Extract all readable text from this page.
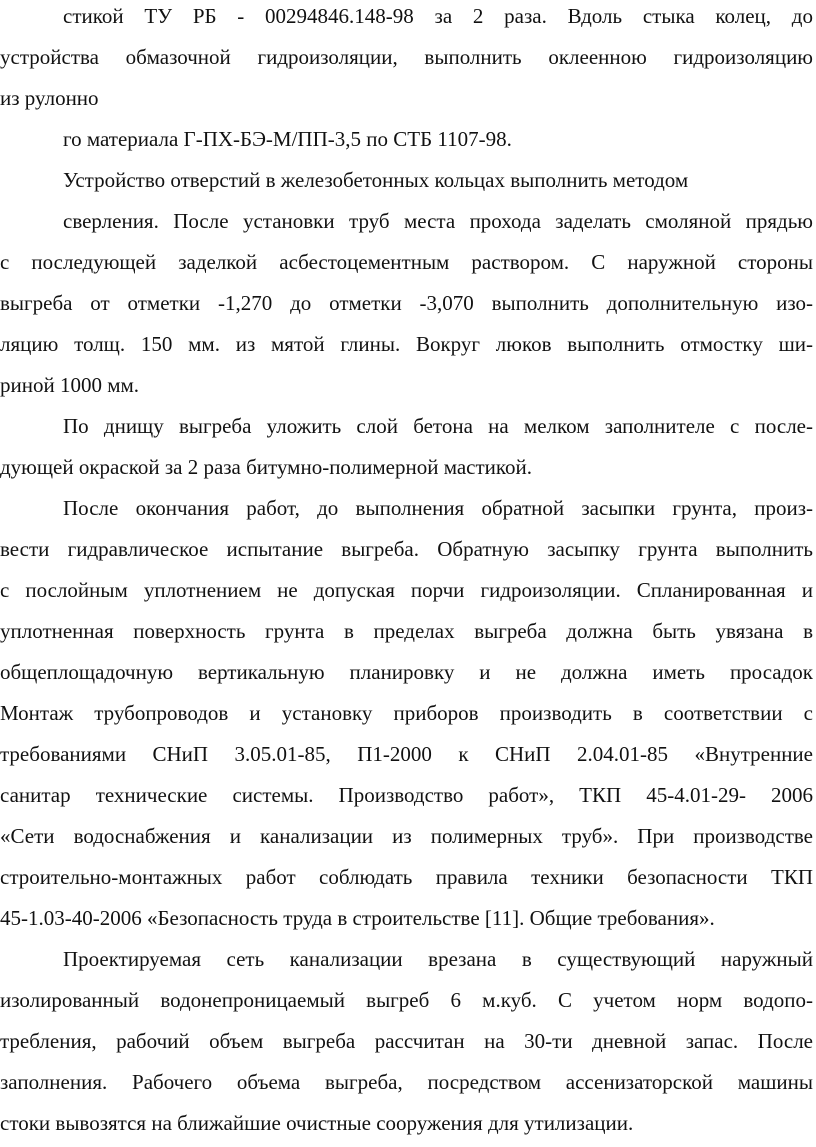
стикой ТУ РБ - 00294846.148-98 за 2 раза. Вдоль стыка колец, до
устройства обмазочной гидроизоляции, выполнить оклеенною гидроизоляцию
из рулонно
го материала Г-ПХ-БЭ-М/ПП-3,5 по СТБ 1107-98.
Устройство отверстий в железобетонных кольцах выполнить методом
сверления. После установки труб места прохода заделать смоляной прядью
с последующей заделкой асбестоцементным раствором. С наружной стороны
выгреба от отметки -1,270 до отметки -3,070 выполнить дополнительную изо-
ляцию толщ. 150 мм. из мятой глины. Вокруг люков выполнить отмостку ши-
риной 1000 мм.
По днищу выгреба уложить слой бетона на мелком заполнителе с после-
дующей окраской за 2 раза битумно-полимерной мастикой.
После окончания работ, до выполнения обратной засыпки грунта, произ-
вести гидравлическое испытание выгреба. Обратную засыпку грунта выполнить
с послойным уплотнением не допуская порчи гидроизоляции. Спланированная и
уплотненная поверхность грунта в пределах выгреба должна быть увязана в
общеплощадочную вертикальную планировку и не должна иметь просадок
Монтаж трубопроводов и установку приборов производить в соответствии с
требованиями СНиП 3.05.01-85, П1-2000 к СНиП 2.04.01-85 «Внутренние
санитар технические системы. Производство работ», ТКП 45-4.01-29- 2006
«Сети водоснабжения и канализации из полимерных труб». При производстве
строительно-монтажных работ соблюдать правила техники безопасности ТКП
45-1.03-40-2006 «Безопасность труда в строительстве [11]. Общие требования».
Проектируемая сеть канализации врезана в существующий наружный
изолированный водонепроницаемый выгреб 6 м.куб. С учетом норм водопо-
требления, рабочий объем выгреба рассчитан на 30-ти дневной запас. После
заполнения. Рабочего объема выгреба, посредством ассенизаторской машины
стоки вывозятся на ближайшие очистные сооружения для утилизации.
